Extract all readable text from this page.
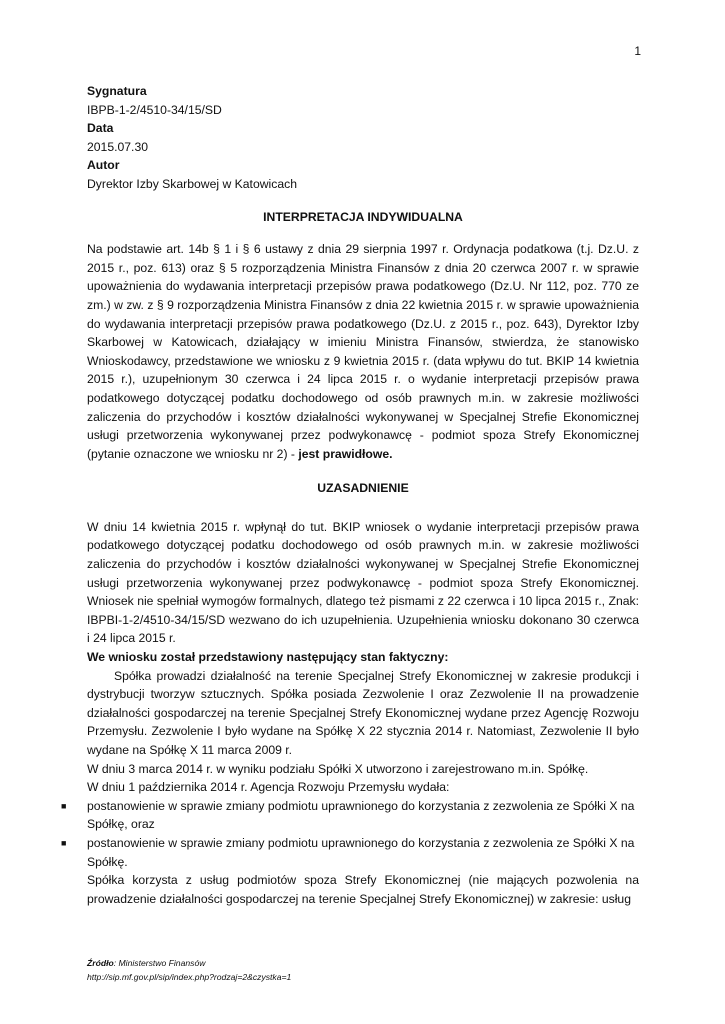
1

Sygnatura

IBPB-1-2/4510-34/15/SD

Data

2015.07.30

Autor

Dyrektor Izby Skarbowej w Katowicach

INTERPRETACJA INDYWIDUALNA

Na podstawie art. 14b § 1 i § 6 ustawy z dnia 29 sierpnia 1997 r. Ordynacja podatkowa (t.j. Dz.U. z 2015 r., poz. 613) oraz § 5 rozporządzenia Ministra Finansów z dnia 20 czerwca 2007 r. w sprawie upoważnienia do wydawania interpretacji przepisów prawa podatkowego (Dz.U. Nr 112, poz. 770 ze zm.) w zw. z § 9 rozporządzenia Ministra Finansów z dnia 22 kwietnia 2015 r. w sprawie upoważnienia do wydawania interpretacji przepisów prawa podatkowego (Dz.U. z 2015 r., poz. 643), Dyrektor Izby Skarbowej w Katowicach, działający w imieniu Ministra Finansów, stwierdza, że stanowisko Wnioskodawcy, przedstawione we wniosku z 9 kwietnia 2015 r. (data wpływu do tut. BKIP 14 kwietnia 2015 r.), uzupełnionym 30 czerwca i 24 lipca 2015 r. o wydanie interpretacji przepisów prawa podatkowego dotyczącej podatku dochodowego od osób prawnych m.in. w zakresie możliwości zaliczenia do przychodów i kosztów działalności wykonywanej w Specjalnej Strefie Ekonomicznej usługi przetworzenia wykonywanej przez podwykonawcę - podmiot spoza Strefy Ekonomicznej (pytanie oznaczone we wniosku nr 2) - jest prawidłowe.

UZASADNIENIE

W dniu 14 kwietnia 2015 r. wpłynął do tut. BKIP wniosek o wydanie interpretacji przepisów prawa podatkowego dotyczącej podatku dochodowego od osób prawnych m.in. w zakresie możliwości zaliczenia do przychodów i kosztów działalności wykonywanej w Specjalnej Strefie Ekonomicznej usługi przetworzenia wykonywanej przez podwykonawcę - podmiot spoza Strefy Ekonomicznej. Wniosek nie spełniał wymogów formalnych, dlatego też pismami z 22 czerwca i 10 lipca 2015 r., Znak: IBPBI-1-2/4510-34/15/SD wezwano do ich uzupełnienia. Uzupełnienia wniosku dokonano 30 czerwca i 24 lipca 2015 r.

We wniosku został przedstawiony następujący stan faktyczny:

Spółka prowadzi działalność na terenie Specjalnej Strefy Ekonomicznej w zakresie produkcji i dystrybucji tworzyw sztucznych. Spółka posiada Zezwolenie I oraz Zezwolenie II na prowadzenie działalności gospodarczej na terenie Specjalnej Strefy Ekonomicznej wydane przez Agencję Rozwoju Przemysłu. Zezwolenie I było wydane na Spółkę X 22 stycznia 2014 r. Natomiast, Zezwolenie II było wydane na Spółkę X 11 marca 2009 r.

W dniu 3 marca 2014 r. w wyniku podziału Spółki X utworzono i zarejestrowano m.in. Spółkę.

W dniu 1 października 2014 r. Agencja Rozwoju Przemysłu wydała:

■ postanowienie w sprawie zmiany podmiotu uprawnionego do korzystania z zezwolenia ze Spółki X na Spółkę, oraz
■ postanowienie w sprawie zmiany podmiotu uprawnionego do korzystania z zezwolenia ze Spółki X na Spółkę.

Spółka korzysta z usług podmiotów spoza Strefy Ekonomicznej (nie mających pozwolenia na prowadzenie działalności gospodarczej na terenie Specjalnej Strefy Ekonomicznej) w zakresie: usług

Źródło: Ministerstwo Finansów
http://sip.mf.gov.pl/sip/index.php?rodzaj=2&czystka=1
